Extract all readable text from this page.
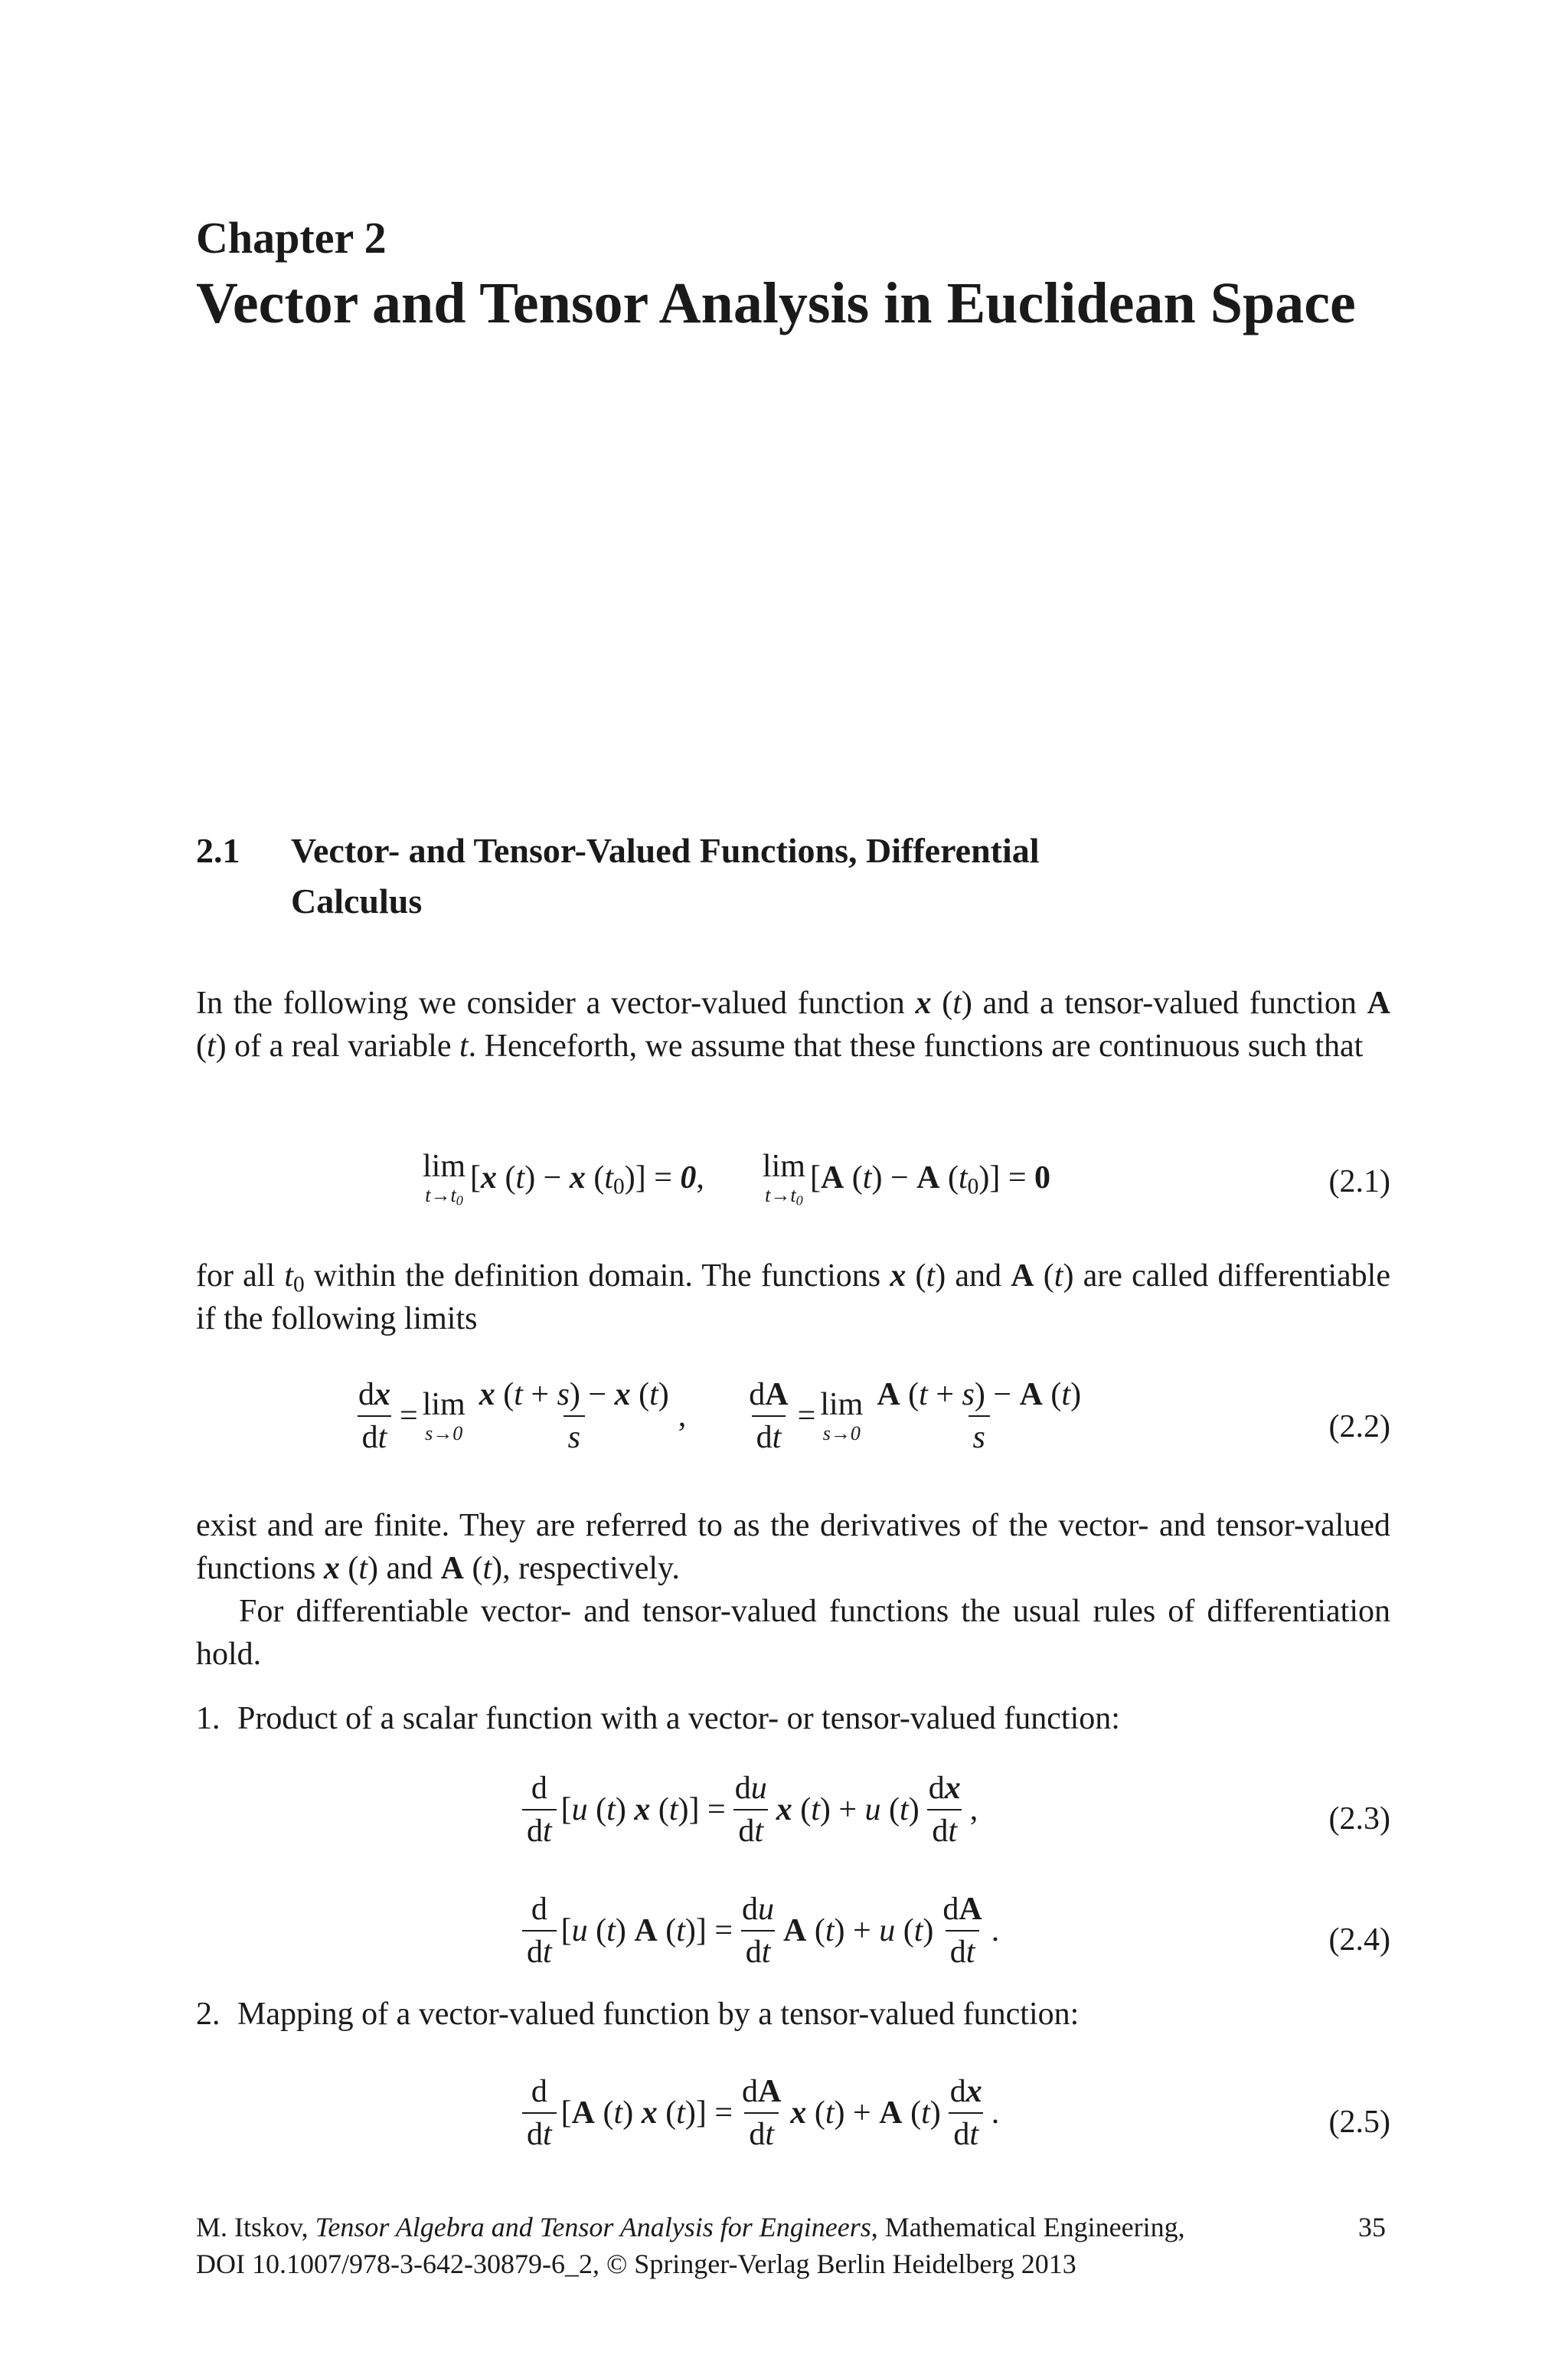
Chapter 2
Vector and Tensor Analysis in Euclidean Space
2.1 Vector- and Tensor-Valued Functions, Differential
Calculus

In the following we consider a vector-valued function x (t) and a tensor-valued function A (t) of a real variable t. Henceforth, we assume that these functions are continuous such that

lim
$t\to t_0$
[x (t) − x $(t_0)] = 0$, lim
$t\to t_0$
[A (t) − A $(t_0)] = 0$	(2.1)

for all $t_0$ within the definition domain. The functions x (t) and A (t) are called differentiable if the following limits

$\frac{dx}{dt} = \lim$
$s\to 0 \frac{x (t + s) - x (t)}{s}$ , $\frac{dA}{dt} = \lim$
$s\to 0 \frac{A (t + s) - A (t)}{s}$	(2.2)

exist and are finite. They are referred to as the derivatives of the vector- and tensor-valued functions x (t) and A (t), respectively.

For differentiable vector- and tensor-valued functions the usual rules of differentiation hold.

1. Product of a scalar function with a vector- or tensor-valued function:
$\frac{d}{dt} [u$ (t) x $(t)] = \frac{du}{dt}$ x (t) + u $(t) \frac{dx}{dt}$ ,	(2.3)
$\frac{d}{dt} [u$ (t) A $(t)] = \frac{du}{dt}$ A (t) + u $(t) \frac{dA}{dt}$ .	(2.4)
2. Mapping of a vector-valued function by a tensor-valued function:
$\frac{d}{dt} [A$ (t) x $(t)] = \frac{dA}{dt}$ x (t) + A $(t) \frac{dx}{dt}$ .	(2.5)
M. Itskov, Tensor Algebra and Tensor Analysis for Engineers, Mathematical Engineering,
DOI 10.1007/978-3-642-30879-6_2, © Springer-Verlag Berlin Heidelberg 2013
35
